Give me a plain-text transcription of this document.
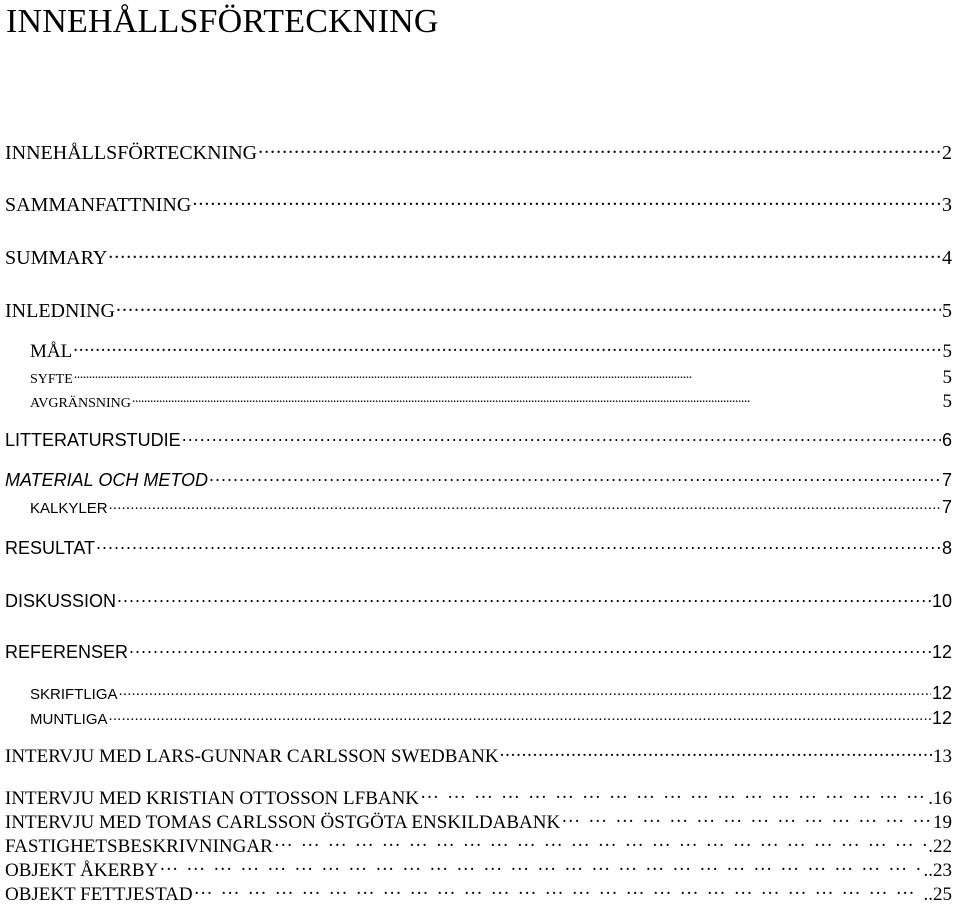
INNEHÅLLSFÖRTECKNING
INNEHÅLLSFÖRTECKNING . . .	2
SAMMANFATTNING . . .	3
SUMMARY . . .	4
INLEDNING . . .	5
MÅL . . .	5
SYFTE . . .	5
AVGRÄNSNING . . .	5
LITTERATURSTUDIE . . .	6
MATERIAL OCH METOD . . .	7
KALKYLER . . .	7
RESULTAT . . .	8
DISKUSSION . . .	10
REFERENSER . . .	12
SKRIFTLIGA . . .	12
MUNTLIGA . . .	12
INTERVJU MED LARS-GUNNAR CARLSSON SWEDBANK . . .	13
INTERVJU MED KRISTIAN OTTOSSON LFBANK ……………………………………………………………………………………………………………………………………………………………………………………………	.16
INTERVJU MED TOMAS CARLSSON ÖSTGÖTA ENSKILDABANK ……………………………………………………………………………………………………………………………………………………………………………………………	19
FASTIGHETSBESKRIVNINGAR ……………………………………………………………………………………………………………………………………………………………………………………………	.22
OBJEKT ÅKERBY ……………………………………………………………………………………………………………………………………………………………………………………………	..23
OBJEKT FETTJESTAD ……………………………………………………………………………………………………………………………………………………………………………………………	..25
